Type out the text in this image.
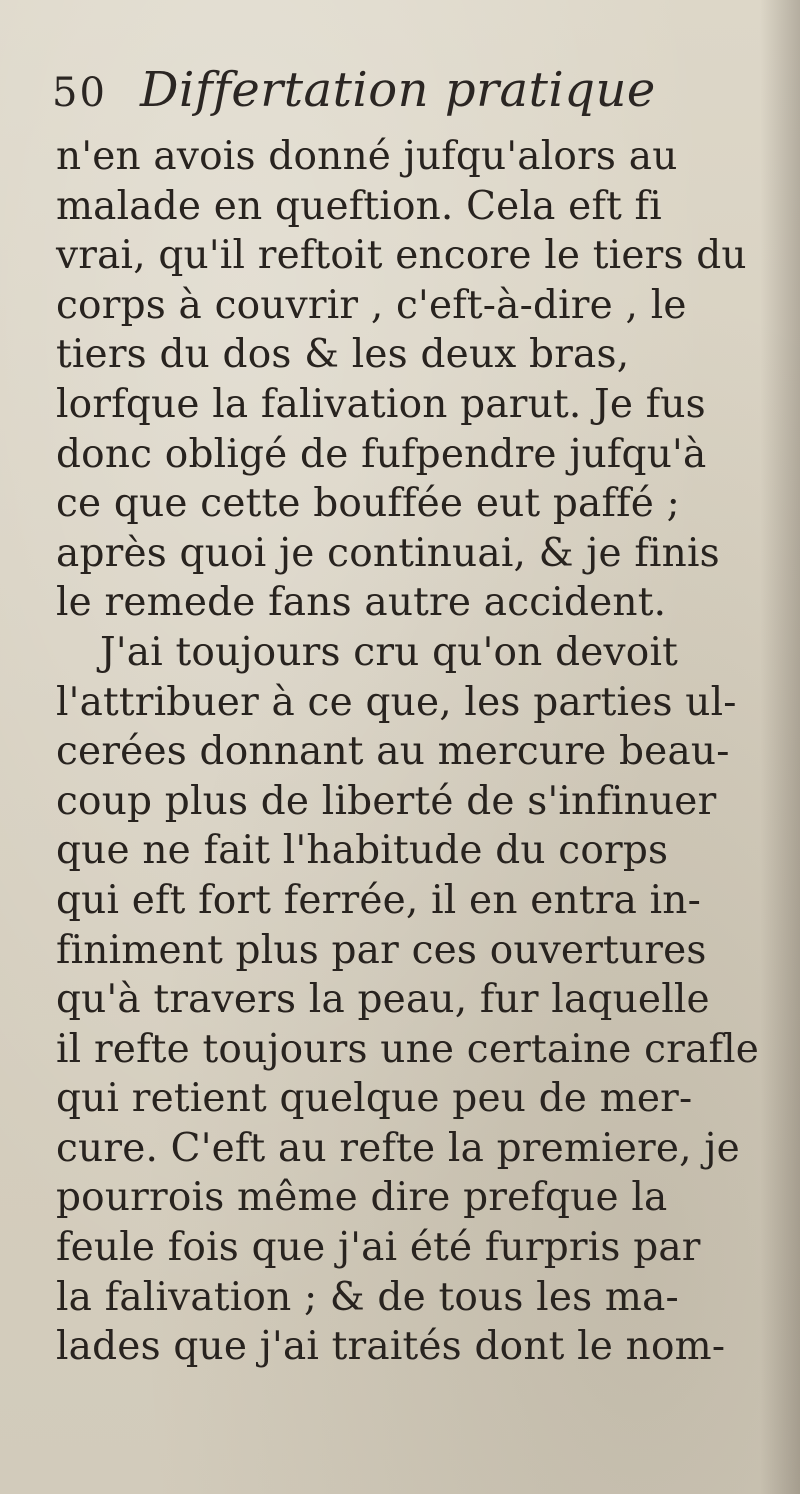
50 Differtation pratique
n'en avois donné jufqu'alors au
malade en queftion. Cela eft fi
vrai, qu'il reftoit encore le tiers du
corps à couvrir , c'eft-à-dire , le
tiers du dos & les deux bras,
lorfque la falivation parut. Je fus
donc obligé de fufpendre jufqu'à
ce que cette bouffée eut paffé ;
après quoi je continuai, & je finis
le remede fans autre accident.
J'ai toujours cru qu'on devoit
l'attribuer à ce que, les parties ul-
cerées donnant au mercure beau-
coup plus de liberté de s'infinuer
que ne fait l'habitude du corps
qui eft fort ferrée, il en entra in-
finiment plus par ces ouvertures
qu'à travers la peau, fur laquelle
il refte toujours une certaine crafle
qui retient quelque peu de mer-
cure. C'eft au refte la premiere, je
pourrois même dire prefque la
feule fois que j'ai été furpris par
la falivation ; & de tous les ma-
lades que j'ai traités dont le nom-
